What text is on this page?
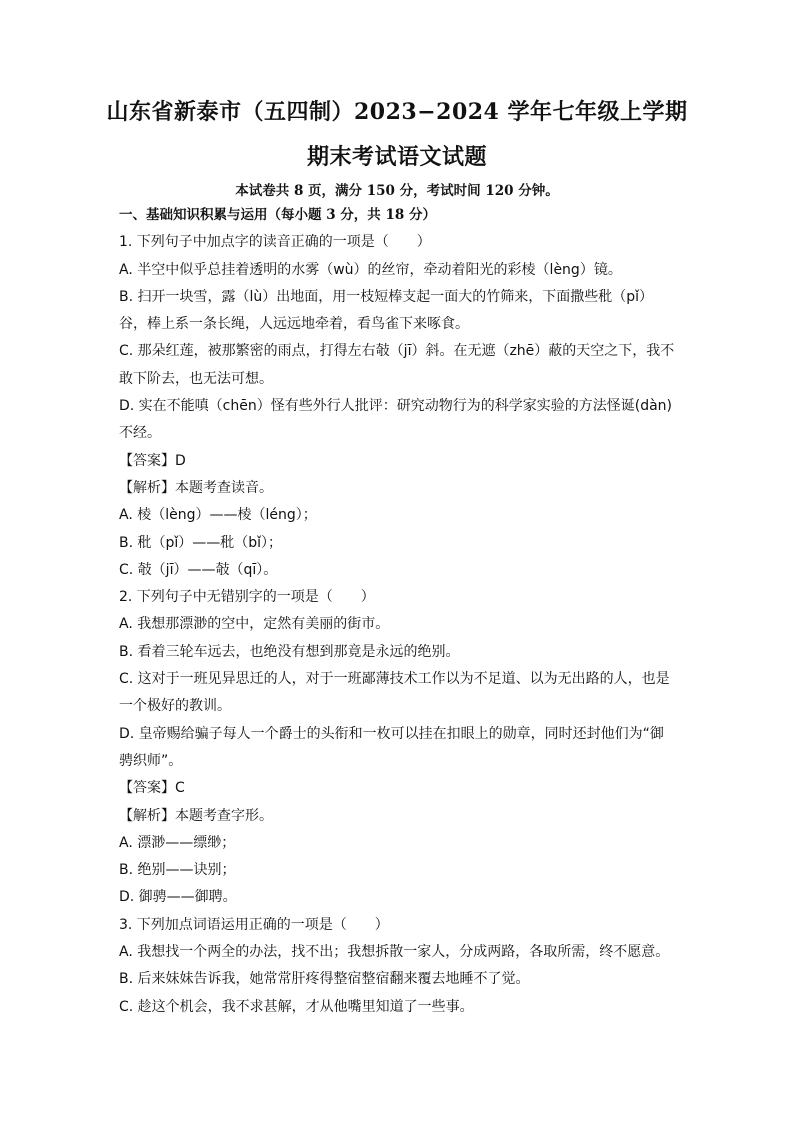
山东省新泰市（五四制）2023−2024 学年七年级上学期
期末考试语文试题
本试卷共 8 页，满分 150 分，考试时间 120 分钟。
一、基础知识积累与运用（每小题 3 分，共 18 分）
1. 下列句子中加点字的读音正确的一项是（　　）
A. 半空中似乎总挂着透明的水雾（wù）的丝帘，牵动着阳光的彩棱（lèng）镜。
B. 扫开一块雪，露（lù）出地面，用一枝短棒支起一面大的竹筛来，下面撒些秕（pǐ）
谷，棒上系一条长绳，人远远地牵着，看鸟雀下来啄食。
C. 那朵红莲，被那繁密的雨点，打得左右攲（jī）斜。在无遮（zhē）蔽的天空之下，我不
敢下阶去，也无法可想。
D. 实在不能嗔（chēn）怪有些外行人批评：研究动物行为的科学家实验的方法怪诞(dàn)
不经。
【答案】D
【解析】本题考查读音。
A. 棱（lèng）——棱（léng）；
B. 秕（pǐ）——秕（bǐ）；
C. 攲（jī）——攲（qī）。
2. 下列句子中无错别字的一项是（　　）
A. 我想那漂渺的空中，定然有美丽的街市。
B. 看着三轮车远去，也绝没有想到那竟是永远的绝别。
C. 这对于一班见异思迁的人，对于一班鄙薄技术工作以为不足道、以为无出路的人，也是
一个极好的教训。
D. 皇帝赐给骗子每人一个爵士的头衔和一枚可以挂在扣眼上的勋章，同时还封他们为“御
骋织师”。
【答案】C
【解析】本题考查字形。
A. 漂渺——缥缈；
B. 绝别——诀别；
D. 御骋——御聘。
3. 下列加点词语运用正确的一项是（　　）
A. 我想找一个两全的办法，找不出；我想拆散一家人，分成两路，各取所需，终不愿意。
B. 后来妹妹告诉我，她常常肝疼得整宿整宿翻来覆去地睡不了觉。
C. 趁这个机会，我不求甚解，才从他嘴里知道了一些事。
